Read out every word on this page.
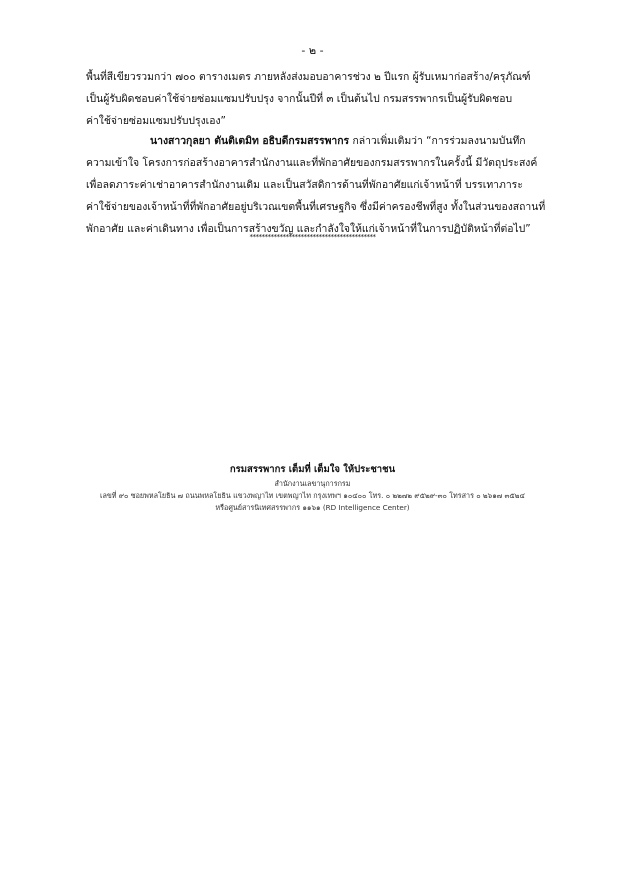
- ๒ -
พื้นที่สีเขียวรวมกว่า ๗๐๐ ตารางเมตร ภายหลังส่งมอบอาคารช่วง ๒ ปีแรก ผู้รับเหมาก่อสร้าง/ครุภัณฑ์
เป็นผู้รับผิดชอบค่าใช้จ่ายซ่อมแซมปรับปรุง จากนั้นปีที่ ๓ เป็นต้นไป กรมสรรพากรเป็นผู้รับผิดชอบ
ค่าใช้จ่ายซ่อมแซมปรับปรุงเอง”
นางสาวกุลยา ตันติเตมิท อธิบดีกรมสรรพากร กล่าวเพิ่มเติมว่า “การร่วมลงนามบันทึก
ความเข้าใจ โครงการก่อสร้างอาคารสำนักงานและที่พักอาศัยของกรมสรรพากรในครั้งนี้ มีวัตถุประสงค์
เพื่อลดภาระค่าเช่าอาคารสำนักงานเดิม และเป็นสวัสดิการด้านที่พักอาศัยแก่เจ้าหน้าที่ บรรเทาภาระ
ค่าใช้จ่ายของเจ้าหน้าที่ที่พักอาศัยอยู่บริเวณเขตพื้นที่เศรษฐกิจ ซึ่งมีค่าครองชีพที่สูง ทั้งในส่วนของสถานที่
พักอาศัย และค่าเดินทาง เพื่อเป็นการสร้างขวัญ และกำลังใจให้แก่เจ้าหน้าที่ในการปฏิบัติหน้าที่ต่อไป”
******************************************
กรมสรรพากร เต็มที่ เต็มใจ ให้ประชาชน
สำนักงานเลขานุการกรม
เลขที่ ๙๐ ซอยพหลโยธิน ๗ ถนนพหลโยธิน แขวงพญาไท เขตพญาไท กรุงเทพฯ ๑๐๔๐๐ โทร. ๐ ๒๒๗๒ ๙๕๒๙-๓๐ โทรสาร ๐ ๒๖๑๗ ๓๕๒๔
หรือศูนย์สารนิเทศสรรพากร ๑๑๖๑ (RD Intelligence Center)
